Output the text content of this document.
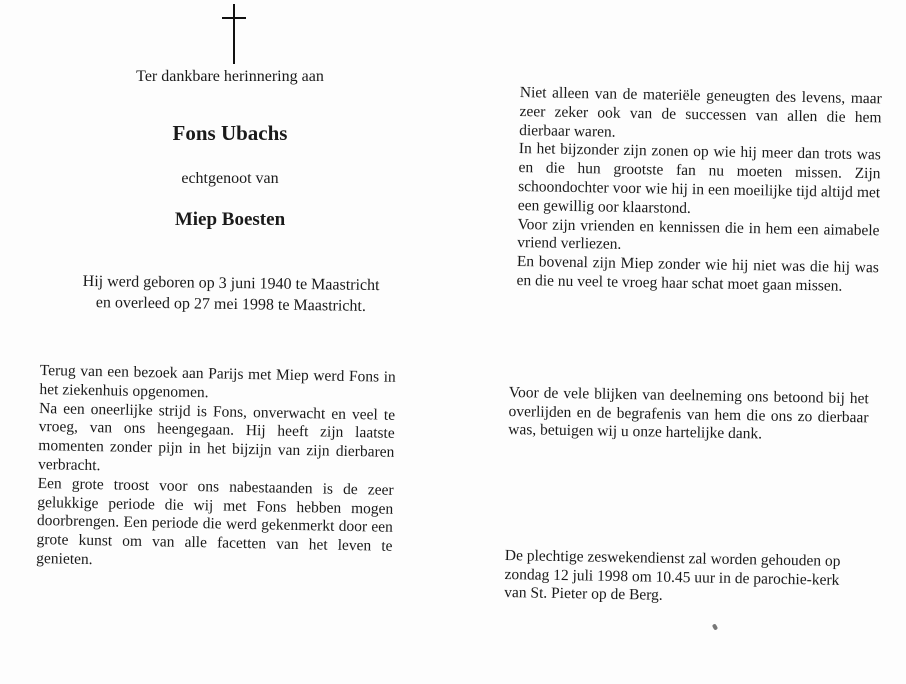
Ter dankbare herinnering aan
Fons Ubachs
echtgenoot van
Miep Boesten
Hij werd geboren op 3 juni 1940 te Maastricht
en overleed op 27 mei 1998 te Maastricht.

Terug van een bezoek aan Parijs met Miep werd Fons in het ziekenhuis opgenomen.

Na een oneerlijke strijd is Fons, onverwacht en veel te vroeg, van ons heengegaan. Hij heeft zijn laatste momenten zonder pijn in het bijzijn van zijn dierbaren verbracht.

Een grote troost voor ons nabestaanden is de zeer gelukkige periode die wij met Fons hebben mogen doorbrengen. Een periode die werd gekenmerkt door een grote kunst om van alle facetten van het leven te genieten.

Niet alleen van de materiële geneugten des levens, maar zeer zeker ook van de successen van allen die hem dierbaar waren.

In het bijzonder zijn zonen op wie hij meer dan trots was en die hun grootste fan nu moeten missen. Zijn schoondochter voor wie hij in een moeilijke tijd altijd met een gewillig oor klaarstond.

Voor zijn vrienden en kennissen die in hem een aimabele vriend verliezen.

En bovenal zijn Miep zonder wie hij niet was die hij was en die nu veel te vroeg haar schat moet gaan missen.

Voor de vele blijken van deelneming ons betoond bij het overlijden en de begrafenis van hem die ons zo dierbaar was, betuigen wij u onze hartelijke dank.

De plechtige zeswekendienst zal worden gehouden op zondag 12 juli 1998 om 10.45 uur in de parochie-kerk van St. Pieter op de Berg.
